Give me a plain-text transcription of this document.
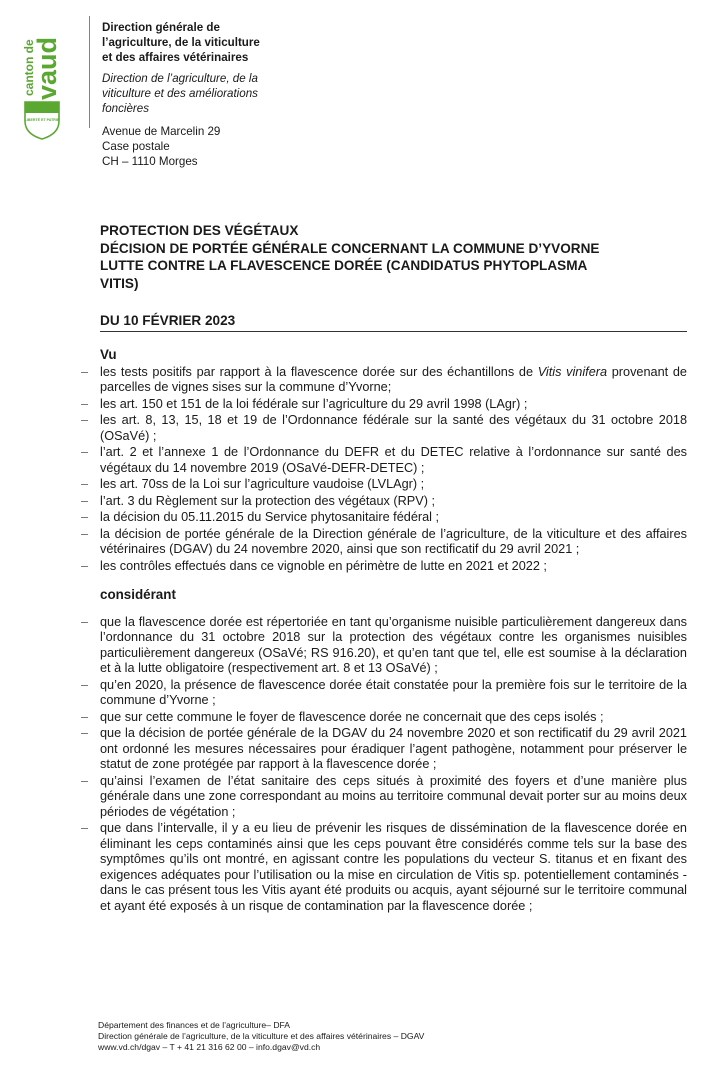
canton de
vaud
LIBERTÉ ET PATRIE
Direction générale de
l’agriculture, de la viticulture
et des affaires vétérinaires
Direction de l’agriculture, de la
viticulture et des améliorations
foncières
Avenue de Marcelin 29
Case postale
CH – 1110 Morges
PROTECTION DES VÉGÉTAUX
DÉCISION DE PORTÉE GÉNÉRALE CONCERNANT LA COMMUNE D’YVORNE
LUTTE CONTRE LA FLAVESCENCE DORÉE (CANDIDATUS PHYTOPLASMA
VITIS)
DU 10 FÉVRIER 2023
Vu
– les tests positifs par rapport à la flavescence dorée sur des échantillons de Vitis vinifera provenant de parcelles de vignes sises sur la commune d’Yvorne;
– les art. 150 et 151 de la loi fédérale sur l’agriculture du 29 avril 1998 (LAgr) ;
– les art. 8, 13, 15, 18 et 19 de l’Ordonnance fédérale sur la santé des végétaux du 31 octobre 2018 (OSaVé) ;
– l’art. 2 et l’annexe 1 de l’Ordonnance du DEFR et du DETEC relative à l’ordonnance sur santé des végétaux du 14 novembre 2019 (OSaVé-DEFR-DETEC) ;
– les art. 70ss de la Loi sur l’agriculture vaudoise (LVLAgr) ;
– l’art. 3 du Règlement sur la protection des végétaux (RPV) ;
– la décision du 05.11.2015 du Service phytosanitaire fédéral ;
– la décision de portée générale de la Direction générale de l’agriculture, de la viticulture et des affaires vétérinaires (DGAV) du 24 novembre 2020, ainsi que son rectificatif du 29 avril 2021 ;
– les contrôles effectués dans ce vignoble en périmètre de lutte en 2021 et 2022 ;
considérant
– que la flavescence dorée est répertoriée en tant qu’organisme nuisible particulièrement dangereux dans l’ordonnance du 31 octobre 2018 sur la protection des végétaux contre les organismes nuisibles particulièrement dangereux (OSaVé; RS 916.20), et qu’en tant que tel, elle est soumise à la déclaration et à la lutte obligatoire (respectivement art. 8 et 13 OSaVé) ;
– qu’en 2020, la présence de flavescence dorée était constatée pour la première fois sur le territoire de la commune d’Yvorne ;
– que sur cette commune le foyer de flavescence dorée ne concernait que des ceps isolés ;
– que la décision de portée générale de la DGAV du 24 novembre 2020 et son rectificatif du 29 avril 2021 ont ordonné les mesures nécessaires pour éradiquer l’agent pathogène, notamment pour préserver le statut de zone protégée par rapport à la flavescence dorée ;
– qu’ainsi l’examen de l’état sanitaire des ceps situés à proximité des foyers et d’une manière plus générale dans une zone correspondant au moins au territoire communal devait porter sur au moins deux périodes de végétation ;
– que dans l’intervalle, il y a eu lieu de prévenir les risques de dissémination de la flavescence dorée en éliminant les ceps contaminés ainsi que les ceps pouvant être considérés comme tels sur la base des symptômes qu’ils ont montré, en agissant contre les populations du vecteur S. titanus et en fixant des exigences adéquates pour l’utilisation ou la mise en circulation de Vitis sp. potentiellement contaminés - dans le cas présent tous les Vitis ayant été produits ou acquis, ayant séjourné sur le territoire communal et ayant été exposés à un risque de contamination par la flavescence dorée ;
Département des finances et de l’agriculture– DFA
Direction générale de l’agriculture, de la viticulture et des affaires vétérinaires – DGAV
www.vd.ch/dgav – T + 41 21 316 62 00 – info.dgav@vd.ch
